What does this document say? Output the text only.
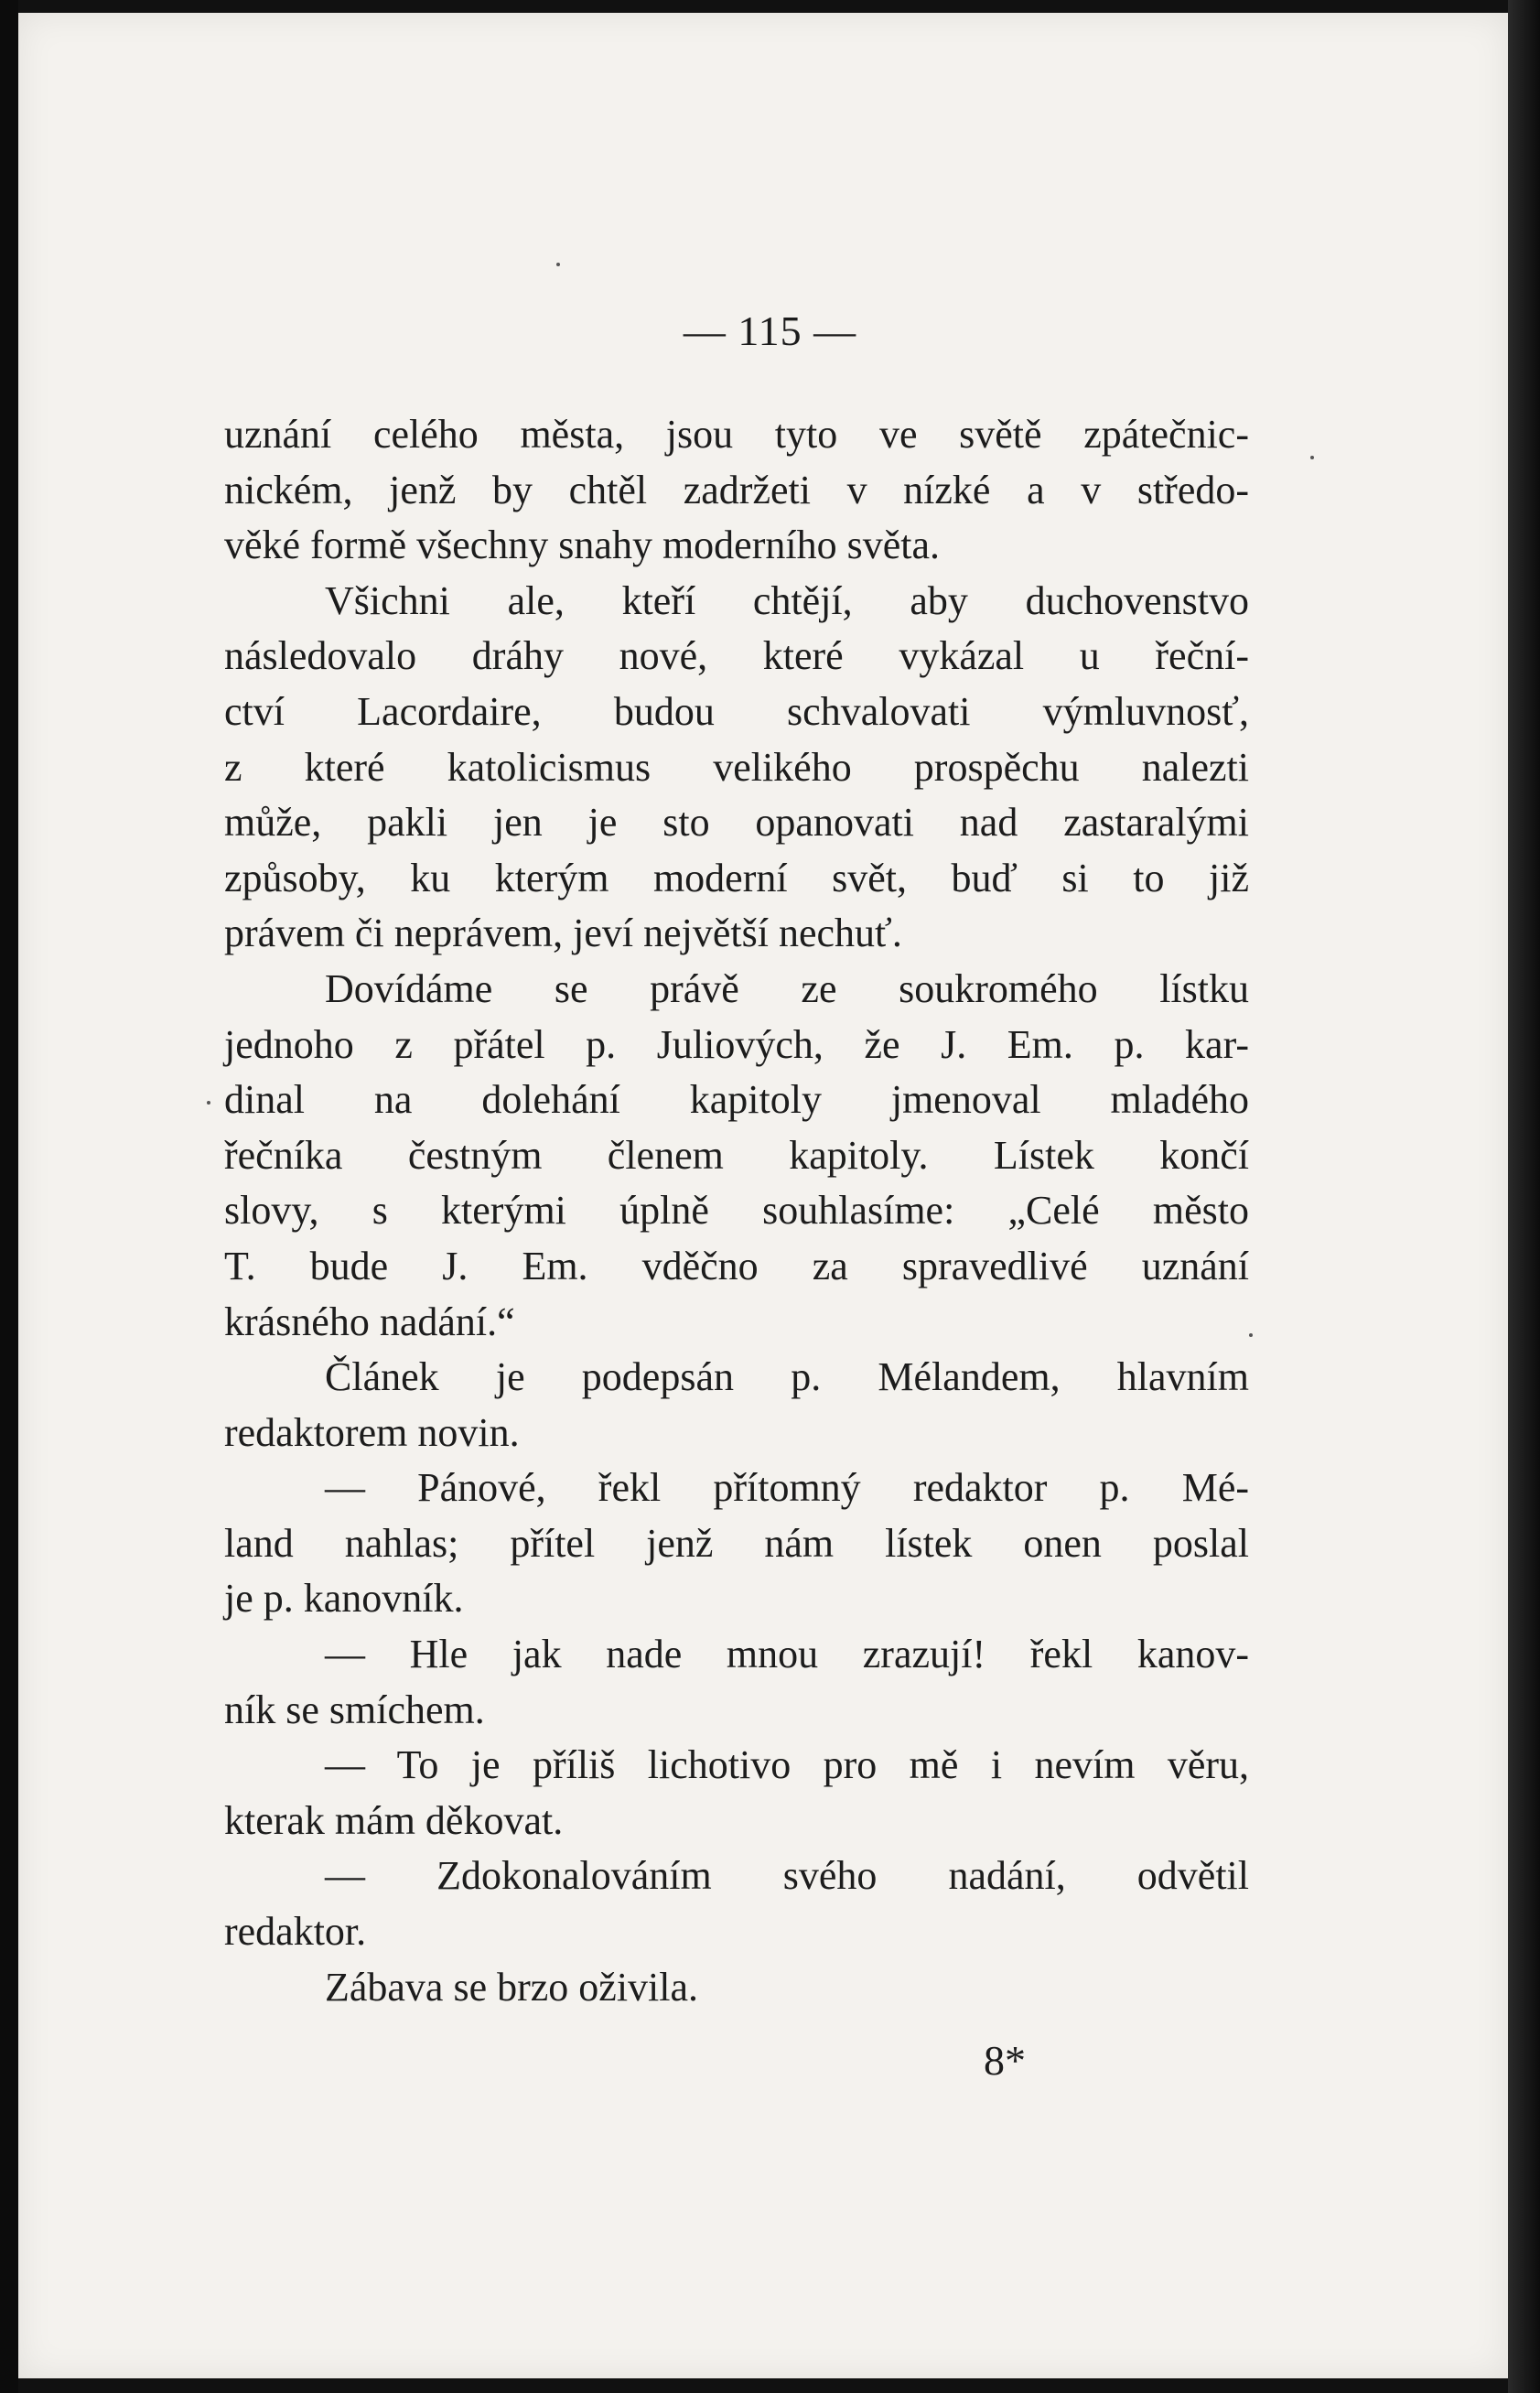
— 115 —
uznání celého města, jsou tyto ve světě zpátečnic-
nickém, jenž by chtěl zadržeti v nízké a v středo-
věké formě všechny snahy moderního světa.
Všichni ale, kteří chtějí, aby duchovenstvo
následovalo dráhy nové, které vykázal u řeční-
ctví Lacordaire, budou schvalovati výmluvnosť,
z které katolicismus velikého prospěchu nalezti
může, pakli jen je sto opanovati nad zastaralými
způsoby, ku kterým moderní svět, buď si to již
právem či neprávem, jeví největší nechuť.
Dovídáme se právě ze soukromého lístku
jednoho z přátel p. Juliových, že J. Em. p. kar-
dinal na dolehání kapitoly jmenoval mladého
řečníka čestným členem kapitoly. Lístek končí
slovy, s kterými úplně souhlasíme: „Celé město
T. bude J. Em. vděčno za spravedlivé uznání
krásného nadání.“
Článek je podepsán p. Mélandem, hlavním
redaktorem novin.
— Pánové, řekl přítomný redaktor p. Mé-
land nahlas; přítel jenž nám lístek onen poslal
je p. kanovník.
— Hle jak nade mnou zrazují! řekl kanov-
ník se smíchem.
— To je příliš lichotivo pro mě i nevím věru,
kterak mám děkovat.
— Zdokonalováním svého nadání, odvětil
redaktor.
Zábava se brzo oživila.
8*
